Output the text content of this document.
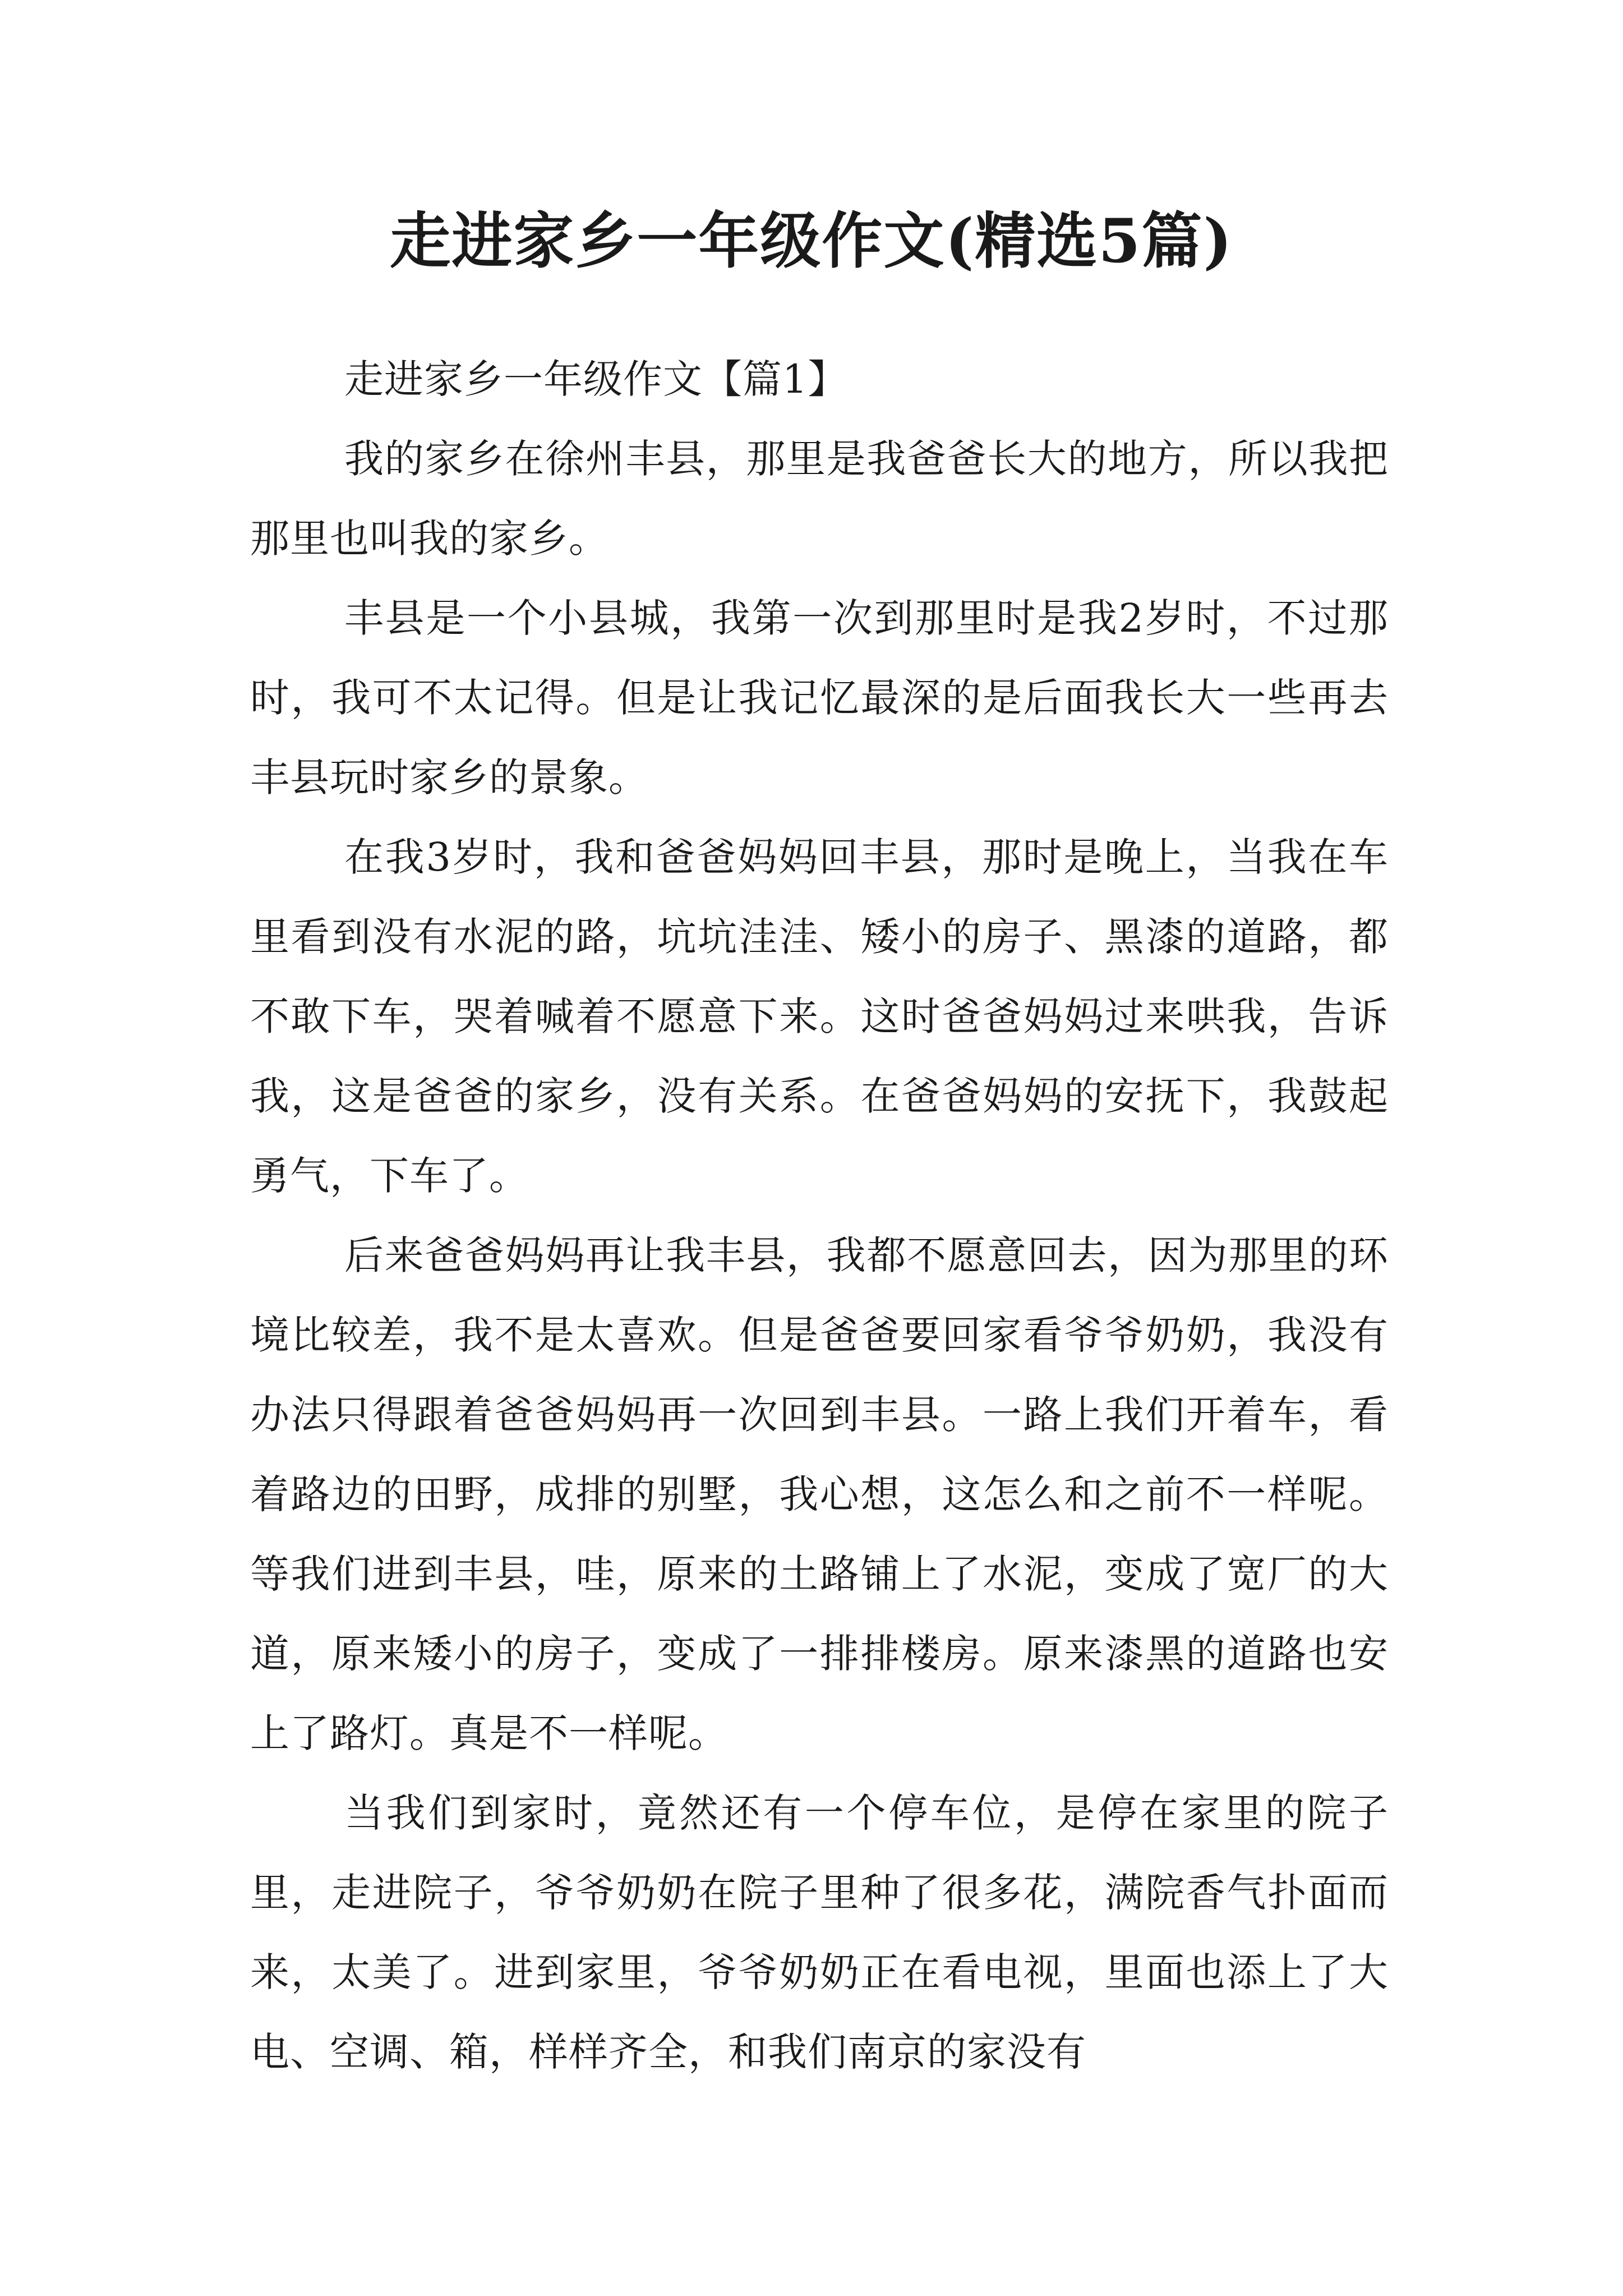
走进家乡一年级作文(精选5篇)

走进家乡一年级作文【篇1】

我的家乡在徐州丰县，那里是我爸爸长大的地方，所以我把那里也叫我的家乡。

丰县是一个小县城，我第一次到那里时是我2岁时，不过那时，我可不太记得。但是让我记忆最深的是后面我长大一些再去丰县玩时家乡的景象。

在我3岁时，我和爸爸妈妈回丰县，那时是晚上，当我在车里看到没有水泥的路，坑坑洼洼、矮小的房子、黑漆的道路，都不敢下车，哭着喊着不愿意下来。这时爸爸妈妈过来哄我，告诉我，这是爸爸的家乡，没有关系。在爸爸妈妈的安抚下，我鼓起勇气，下车了。

后来爸爸妈妈再让我丰县，我都不愿意回去，因为那里的环境比较差，我不是太喜欢。但是爸爸要回家看爷爷奶奶，我没有办法只得跟着爸爸妈妈再一次回到丰县。一路上我们开着车，看着路边的田野，成排的别墅，我心想，这怎么和之前不一样呢。等我们进到丰县，哇，原来的土路铺上了水泥，变成了宽厂的大道，原来矮小的房子，变成了一排排楼房。原来漆黑的道路也安上了路灯。真是不一样呢。

当我们到家时，竟然还有一个停车位，是停在家里的院子里，走进院子，爷爷奶奶在院子里种了很多花，满院香气扑面而来，太美了。进到家里，爷爷奶奶正在看电视，里面也添上了大电、空调、箱，样样齐全，和我们南京的家没有
